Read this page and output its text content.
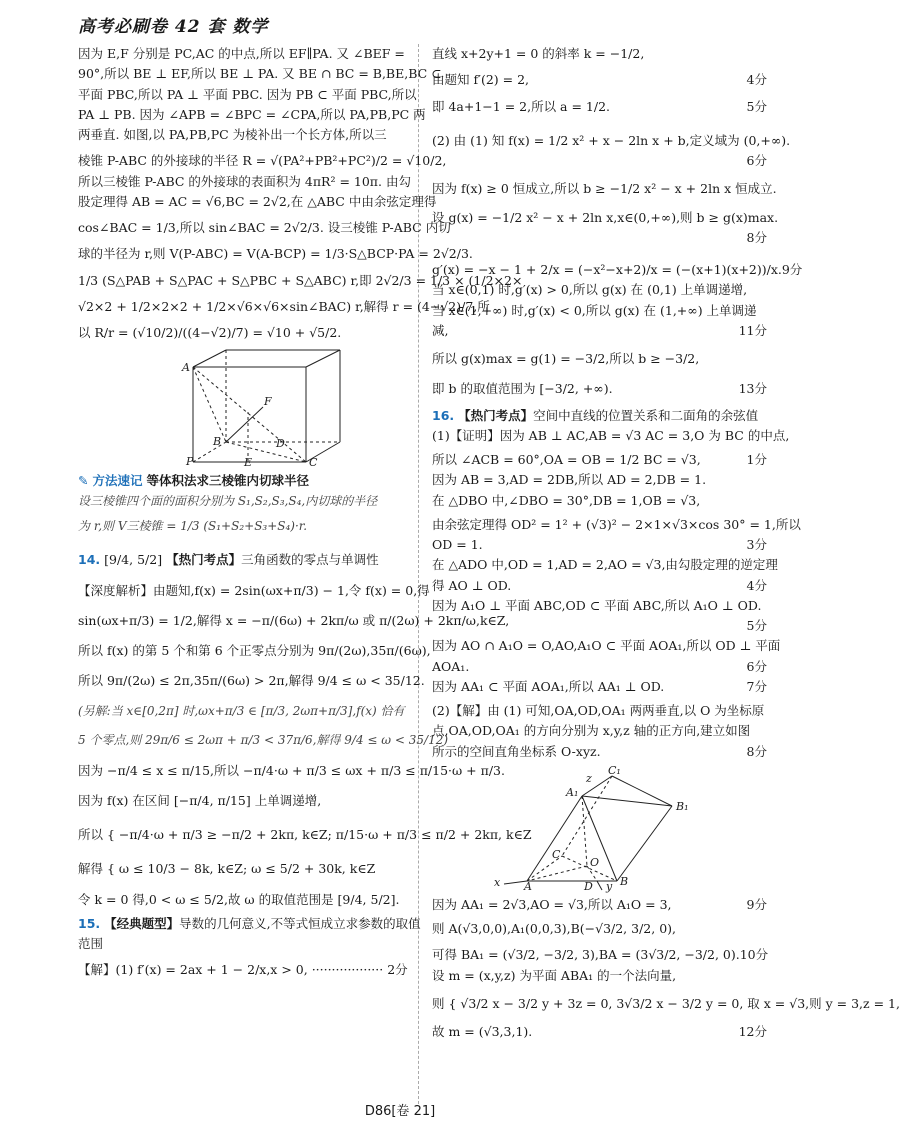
高考必刷卷 42 套 数学

因为 E,F 分别是 PC,AC 的中点,所以 EF∥PA. 又 ∠BEF =

90°,所以 BE ⊥ EF,所以 BE ⊥ PA. 又 BE ∩ BC = B,BE,BC ⊂

平面 PBC,所以 PA ⊥ 平面 PBC. 因为 PB ⊂ 平面 PBC,所以

PA ⊥ PB. 因为 ∠APB = ∠BPC = ∠CPA,所以 PA,PB,PC 两

两垂直. 如图,以 PA,PB,PC 为棱补出一个长方体,所以三

棱锥 P-ABC 的外接球的半径 R = √(PA²+PB²+PC²)/2 = √10/2,

所以三棱锥 P-ABC 的外接球的表面积为 4πR² = 10π. 由勾

股定理得 AB = AC = √6,BC = 2√2,在 △ABC 中由余弦定理得

cos∠BAC = 1/3,所以 sin∠BAC = 2√2/3. 设三棱锥 P-ABC 内切

球的半径为 r,则 V(P-ABC) = V(A-BCP) = 1/3·S△BCP·PA = 2√2/3.

1/3 (S△PAB + S△PAC + S△PBC + S△ABC) r,即 2√2/3 = 1/3 × (1/2×2×

√2×2 + 1/2×2×2 + 1/2×√6×√6×sin∠BAC) r,解得 r = (4−√2)/7,所

以 R/r = (√10/2)/((4−√2)/7) = √10 + √5/2.

A
F
B	D
P	E	C

✎ 方法速记 等体积法求三棱锥内切球半径

设三棱锥四个面的面积分别为 S₁,S₂,S₃,S₄,内切球的半径

为 r,则 V三棱锥 = 1/3 (S₁+S₂+S₃+S₄)·r.

14. [9/4, 5/2] 【热门考点】三角函数的零点与单调性

【深度解析】由题知,f(x) = 2sin(ωx+π/3) − 1,令 f(x) = 0,得

sin(ωx+π/3) = 1/2,解得 x = −π/(6ω) + 2kπ/ω 或 π/(2ω) + 2kπ/ω,k∈Z,

所以 f(x) 的第 5 个和第 6 个正零点分别为 9π/(2ω),35π/(6ω),

所以 9π/(2ω) ≤ 2π,35π/(6ω) > 2π,解得 9/4 ≤ ω < 35/12.

(另解:当 x∈[0,2π] 时,ωx+π/3 ∈ [π/3, 2ωπ+π/3],f(x) 恰有

5 个零点,则 29π/6 ≤ 2ωπ + π/3 < 37π/6,解得 9/4 ≤ ω < 35/12)

因为 −π/4 ≤ x ≤ π/15,所以 −π/4·ω + π/3 ≤ ωx + π/3 ≤ π/15·ω + π/3.

因为 f(x) 在区间 [−π/4, π/15] 上单调递增,

所以 { −π/4·ω + π/3 ≥ −π/2 + 2kπ, k∈Z; π/15·ω + π/3 ≤ π/2 + 2kπ, k∈Z

解得 { ω ≤ 10/3 − 8k, k∈Z; ω ≤ 5/2 + 30k, k∈Z

令 k = 0 得,0 < ω ≤ 5/2,故 ω 的取值范围是 [9/4, 5/2].

15. 【经典题型】导数的几何意义,不等式恒成立求参数的取值

范围

【解】(1) f′(x) = 2ax + 1 − 2/x,x > 0, ·················· 2分

直线 x+2y+1 = 0 的斜率 k = −1/2,

由题知 f′(2) = 2,	4分

即 4a+1−1 = 2,所以 a = 1/2.	5分

(2) 由 (1) 知 f(x) = 1/2 x² + x − 2ln x + b,定义域为 (0,+∞).

6分

因为 f(x) ≥ 0 恒成立,所以 b ≥ −1/2 x² − x + 2ln x 恒成立.

设 g(x) = −1/2 x² − x + 2ln x,x∈(0,+∞),则 b ≥ g(x)max.

8分

g′(x) = −x − 1 + 2/x = (−x²−x+2)/x = (−(x+1)(x+2))/x. 9分

当 x∈(0,1) 时,g′(x) > 0,所以 g(x) 在 (0,1) 上单调递增,

当 x∈(1,+∞) 时,g′(x) < 0,所以 g(x) 在 (1,+∞) 上单调递

减,	11分

所以 g(x)max = g(1) = −3/2,所以 b ≥ −3/2,

即 b 的取值范围为 [−3/2, +∞).	13分

16. 【热门考点】空间中直线的位置关系和二面角的余弦值

(1)【证明】因为 AB ⊥ AC,AB = √3 AC = 3,O 为 BC 的中点,

所以 ∠ACB = 60°,OA = OB = 1/2 BC = √3,	1分

因为 AB = 3,AD = 2DB,所以 AD = 2,DB = 1.

在 △DBO 中,∠DBO = 30°,DB = 1,OB = √3,

由余弦定理得 OD² = 1² + (√3)² − 2×1×√3×cos 30° = 1,所以

OD = 1.	3分

在 △ADO 中,OD = 1,AD = 2,AO = √3,由勾股定理的逆定理

得 AO ⊥ OD.	4分

因为 A₁O ⊥ 平面 ABC,OD ⊂ 平面 ABC,所以 A₁O ⊥ OD.

5分

因为 AO ∩ A₁O = O,AO,A₁O ⊂ 平面 AOA₁,所以 OD ⊥ 平面

AOA₁.	6分

因为 AA₁ ⊂ 平面 AOA₁,所以 AA₁ ⊥ OD.	7分

(2)【解】由 (1) 可知,OA,OD,OA₁ 两两垂直,以 O 为坐标原

点,OA,OD,OA₁ 的方向分别为 x,y,z 轴的正方向,建立如图

所示的空间直角坐标系 O-xyz.	8分

C₁
A₁
B₁
C
O
x A	D B
y
z

因为 AA₁ = 2√3,AO = √3,所以 A₁O = 3,	9分

则 A(√3,0,0),A₁(0,0,3),B(−√3/2, 3/2, 0),

可得 BA₁ = (√3/2, −3/2, 3),BA = (3√3/2, −3/2, 0). 10分

设 m = (x,y,z) 为平面 ABA₁ 的一个法向量,

则 { √3/2 x − 3/2 y + 3z = 0, 3√3/2 x − 3/2 y = 0, 取 x = √3,则 y = 3,z = 1,

故 m = (√3,3,1).	12分

D86[卷 21]
